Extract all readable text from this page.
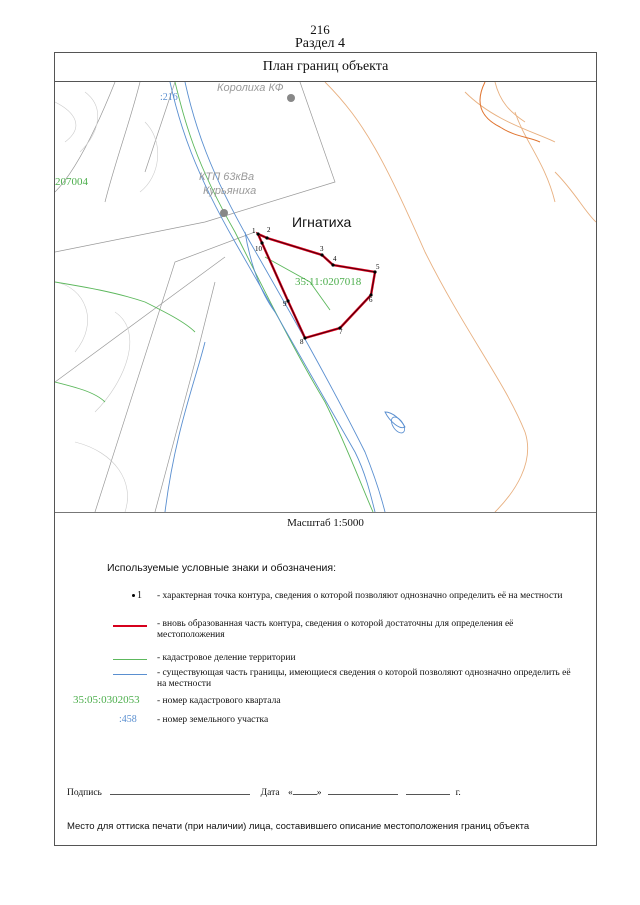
216
Раздел 4
План границ объекта
1 2
3
4
5
6
7
8
9
10
:216
Королиха КФ
КТП 63кВа
Курьяниха
207004
Игнатиха
35:11:0207018
Масштаб 1:5000
Используемые условные знаки и обозначения:
1 - характерная точка контура, сведения о которой позволяют однозначно определить её на местности
- вновь образованная часть контура, сведения о которой достаточны для определения её местоположения
- кадастровое деление территории
- существующая часть границы, имеющиеся сведения о которой позволяют однозначно определить её на местности
35:05:0302053 - номер кадастрового квартала
:458 - номер земельного участка
Подпись	Дата «	»	г.
Место для оттиска печати (при наличии) лица, составившего описание местоположения границ объекта
